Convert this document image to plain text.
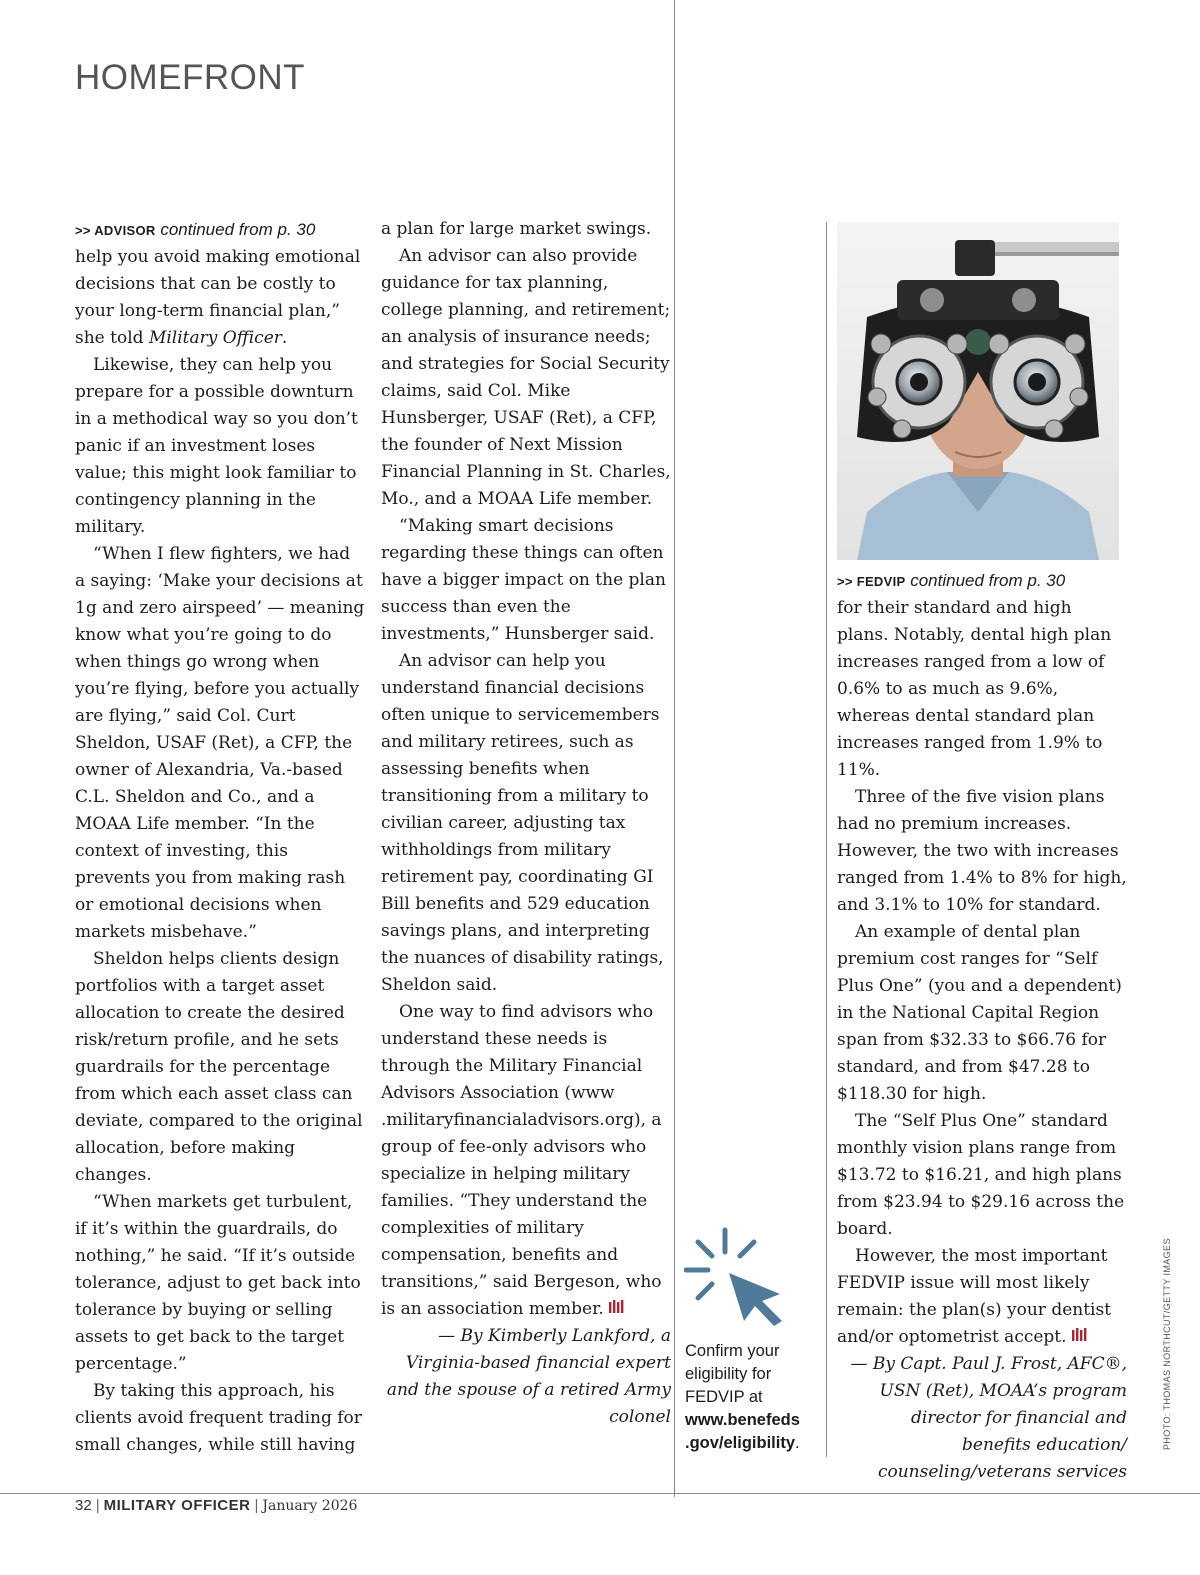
HOMEFRONT

>> ADVISOR continued from p. 30
help you avoid making emotional decisions that can be costly to your long-term financial plan,” she told Military Officer.

Likewise, they can help you prepare for a possible downturn in a methodical way so you don’t panic if an investment loses value; this might look familiar to contingency planning in the military.

“When I flew fighters, we had a saying: ‘Make your decisions at 1g and zero airspeed’ — meaning know what you’re going to do when things go wrong when you’re flying, before you actually are flying,” said Col. Curt Sheldon, USAF (Ret), a CFP, the owner of Alexandria, Va.-based C.L. Sheldon and Co., and a MOAA Life member. “In the context of investing, this prevents you from making rash or emotional decisions when markets misbehave.”

Sheldon helps clients design portfolios with a target asset allocation to create the desired risk/return profile, and he sets guardrails for the percentage from which each asset class can deviate, compared to the original allocation, before making changes.

“When markets get turbulent, if it’s within the guardrails, do nothing,” he said. “If it’s outside tolerance, adjust to get back into tolerance by buying or selling assets to get back to the target percentage.”

By taking this approach, his clients avoid frequent trading for small changes, while still having

a plan for large market swings.

An advisor can also provide guidance for tax planning, college planning, and retirement; an analysis of insurance needs; and strategies for Social Security claims, said Col. Mike Hunsberger, USAF (Ret), a CFP, the founder of Next Mission Financial Planning in St. Charles, Mo., and a MOAA Life member.

“Making smart decisions regarding these things can often have a bigger impact on the plan success than even the investments,” Hunsberger said.

An advisor can help you understand financial decisions often unique to servicemembers and military retirees, such as assessing benefits when transitioning from a military to civilian career, adjusting tax withholdings from military retirement pay, coordinating GI Bill benefits and 529 education savings plans, and interpreting the nuances of disability ratings, Sheldon said.

One way to find advisors who understand these needs is through the Military Financial Advisors Association (www .militaryfinancialadvisors.org), a group of fee-only advisors who specialize in helping military families. “They understand the complexities of military compensation, benefits and transitions,” said Bergeson, who is an association member.

— By Kimberly Lankford, a Virginia-based financial expert and the spouse of a retired Army colonel	PHOTO: THOMAS NORTHCUT/GETTY IMAGES

>> FEDVIP continued from p. 30
for their standard and high plans. Notably, dental high plan increases ranged from a low of 0.6% to as much as 9.6%, whereas dental standard plan increases ranged from 1.9% to 11%.

Three of the five vision plans had no premium increases. However, the two with increases ranged from 1.4% to 8% for high, and 3.1% to 10% for standard.

An example of dental plan premium cost ranges for “Self Plus One” (you and a dependent) in the National Capital Region span from $32.33 to $66.76 for standard, and from $47.28 to $118.30 for high.

The “Self Plus One” standard monthly vision plans range from $13.72 to $16.21, and high plans from $23.94 to $29.16 across the board.

However, the most important FEDVIP issue will most likely remain: the plan(s) your dentist and/or optometrist accept.

— By Capt. Paul J. Frost, AFC®, USN (Ret), MOAA’s program director for financial and benefits education/ counseling/veterans services

Confirm your eligibility for FEDVIP at
www.benefeds .gov/eligibility.
32 | MILITARY OFFICER | January 2026
